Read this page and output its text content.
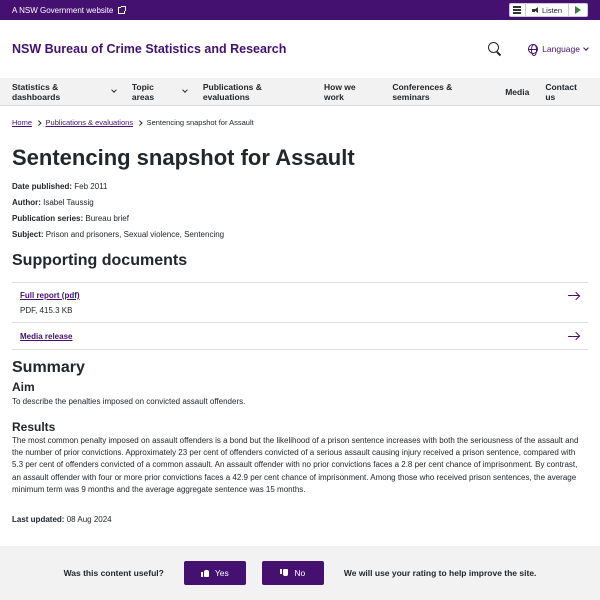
A NSW Government website	Listen
NSW Bureau of Crime Statistics and Research	Language
Statistics & dashboards
Topic areas
Publications & evaluations
How we work
Conferences & seminars	Media Contact us
Home Publications & evaluations Sentencing snapshot for Assault
Sentencing snapshot for Assault
Date published: Feb 2011
Author: Isabel Taussig
Publication series: Bureau brief
Subject: Prison and prisoners, Sexual violence, Sentencing
Supporting documents
Full report (pdf)
PDF, 415.3 KB
Media release
Summary
Aim

To describe the penalties imposed on convicted assault offenders.

Results

The most common penalty imposed on assault offenders is a bond but the likelihood of a prison sentence increases with both the seriousness of the assault and the number of prior convictions. Approximately 23 per cent of offenders convicted of a serious assault causing injury received a prison sentence, compared with 5.3 per cent of offenders convicted of a common assault. An assault offender with no prior convictions faces a 2.8 per cent chance of imprisonment. By contrast, an assault offender with four or more prior convictions faces a 42.9 per cent chance of imprisonment. Among those who received prison sentences, the average minimum term was 9 months and the average aggregate sentence was 15 months.

Last updated: 08 Aug 2024
Was this content useful?	Yes	No	We will use your rating to help improve the site.
